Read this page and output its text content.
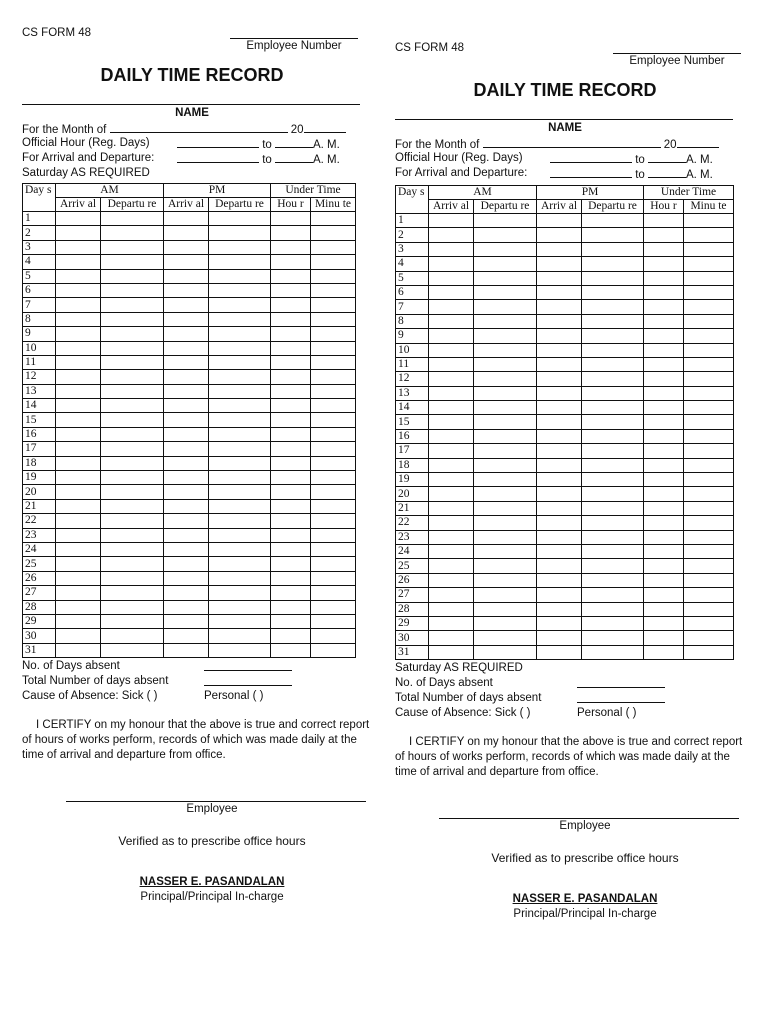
CS FORM 48
Employee Number
DAILY TIME RECORD
NAME
For the Month of	20
Official Hour (Reg. Days)	to	A. M.
For Arrival and Departure:	to	A. M.
Saturday AS REQUIRED
Day s	AM		PM		Under Time	
	Arriv al	Departu re	Arriv al	Departu re	Hou r	Minu te
1						
2						
3						
4						
5						
6						
7						
8						
9						
10						
11						
12						
13						
14						
15						
16						
17						
18						
19						
20						
21						
22						
23						
24						
25						
26						
27						
28						
29						
30						
31						
No. of Days absent
Total Number of days absent
Cause of Absence: Sick ( )	Personal ( )
I CERTIFY on my honour that the above is true and correct report of hours of works perform, records of which was made daily at the time of arrival and departure from office.
Employee
Verified as to prescribe office hours
NASSER E. PASANDALAN
Principal/Principal In-charge
CS FORM 48
Employee Number
DAILY TIME RECORD
NAME
For the Month of	20
Official Hour (Reg. Days)	to	A. M.
For Arrival and Departure:	to	A. M.
Day s	AM		PM		Under Time	
	Arriv al	Departu re	Arriv al	Departu re	Hou r	Minu te
1						
2						
3						
4						
5						
6						
7						
8						
9						
10						
11						
12						
13						
14						
15						
16						
17						
18						
19						
20						
21						
22						
23						
24						
25						
26						
27						
28						
29						
30						
31						
Saturday AS REQUIRED
No. of Days absent
Total Number of days absent
Cause of Absence: Sick ( )	Personal ( )
I CERTIFY on my honour that the above is true and correct report of hours of works perform, records of which was made daily at the time of arrival and departure from office.
Employee
Verified as to prescribe office hours
NASSER E. PASANDALAN
Principal/Principal In-charge
